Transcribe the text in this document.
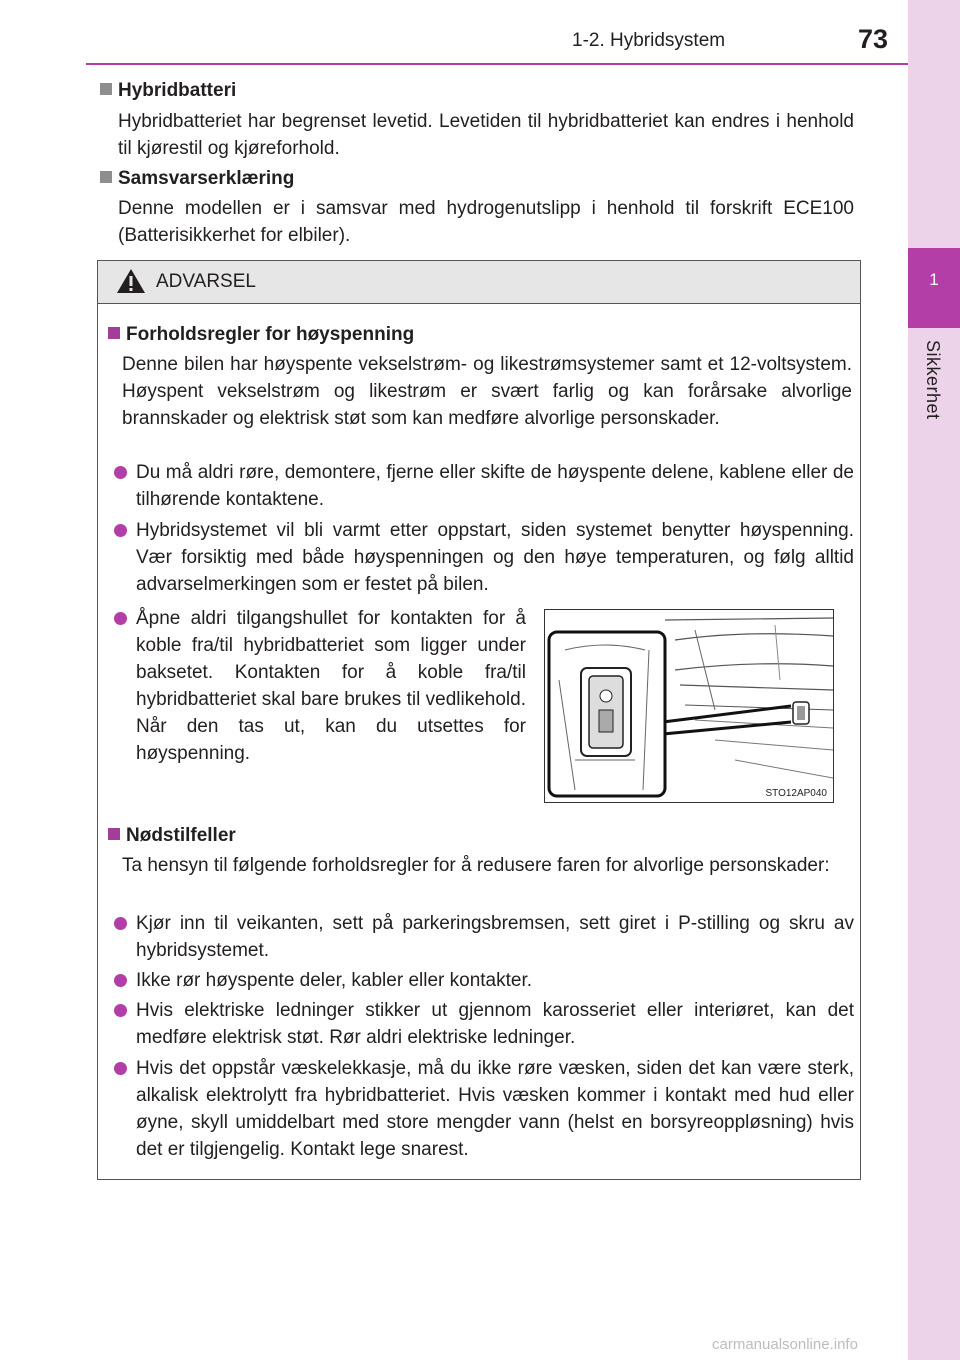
1
Sikkerhet
1-2. Hybridsystem	73
Hybridbatteri
Hybridbatteriet har begrenset levetid. Levetiden til hybridbatteriet kan endres i henhold til kjørestil og kjøreforhold.
Samsvarserklæring
Denne modellen er i samsvar med hydrogenutslipp i henhold til forskrift ECE100 (Batterisikkerhet for elbiler).
ADVARSEL
Forholdsregler for høyspenning
Denne bilen har høyspente vekselstrøm- og likestrømsystemer samt et 12-voltsystem. Høyspent vekselstrøm og likestrøm er svært farlig og kan forårsake alvorlige brannskader og elektrisk støt som kan medføre alvorlige personskader.
Du må aldri røre, demontere, fjerne eller skifte de høyspente delene, kablene eller de tilhørende kontaktene.
Hybridsystemet vil bli varmt etter oppstart, siden systemet benytter høyspenning. Vær forsiktig med både høyspenningen og den høye temperaturen, og følg alltid advarselmerkingen som er festet på bilen.
Åpne aldri tilgangshullet for kontakten for å koble fra/til hybridbatteriet som ligger under baksetet. Kontakten for å koble fra/til hybridbatteriet skal bare brukes til vedlikehold. Når den tas ut, kan du utsettes for høyspenning.
Nødstilfeller
Ta hensyn til følgende forholdsregler for å redusere faren for alvorlige personskader:
Kjør inn til veikanten, sett på parkeringsbremsen, sett giret i P-stilling og skru av hybridsystemet.
Ikke rør høyspente deler, kabler eller kontakter.
Hvis elektriske ledninger stikker ut gjennom karosseriet eller interiøret, kan det medføre elektrisk støt. Rør aldri elektriske ledninger.
Hvis det oppstår væskelekkasje, må du ikke røre væsken, siden det kan være sterk, alkalisk elektrolytt fra hybridbatteriet. Hvis væsken kommer i kontakt med hud eller øyne, skyll umiddelbart med store mengder vann (helst en borsyreoppløsning) hvis det er tilgjengelig. Kontakt lege snarest.
STO12AP040
carmanualsonline.info
